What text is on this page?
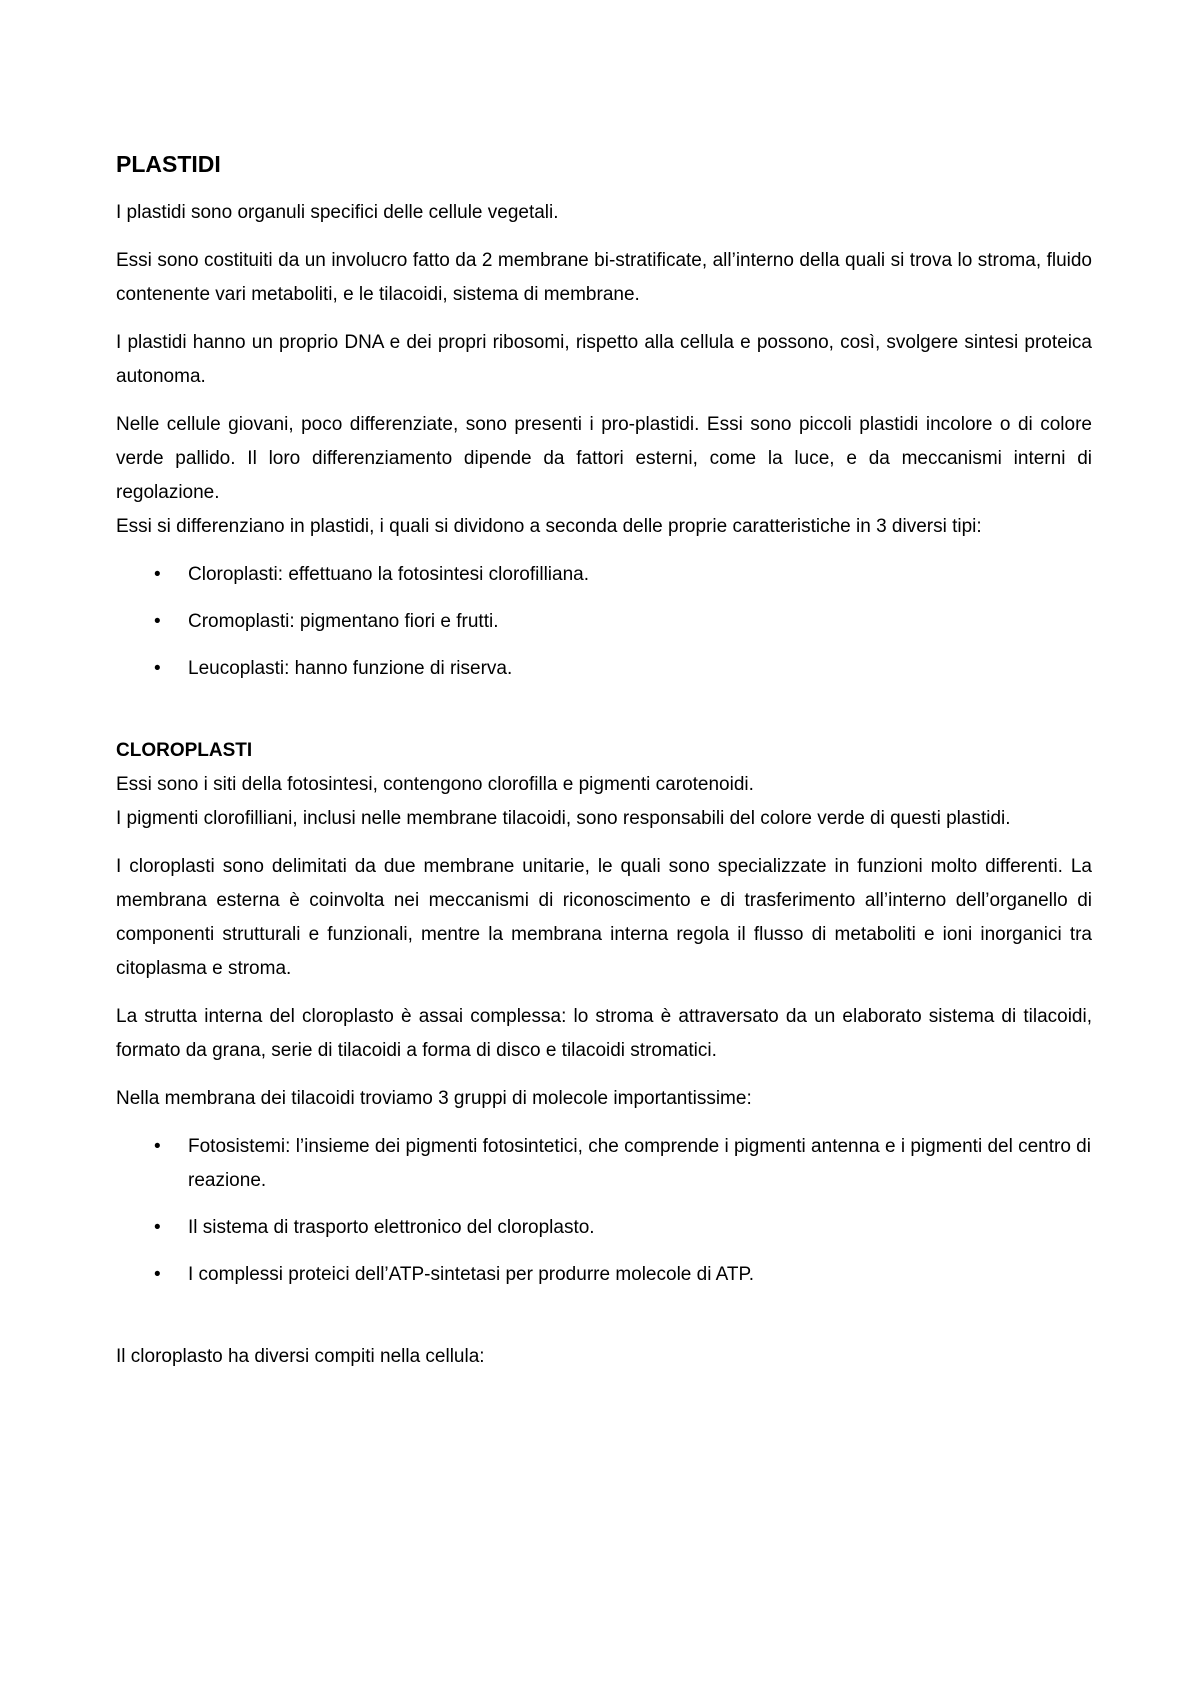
PLASTIDI

I plastidi sono organuli specifici delle cellule vegetali.

Essi sono costituiti da un involucro fatto da 2 membrane bi-stratificate, all’interno della quali si trova lo stroma, fluido contenente vari metaboliti, e le tilacoidi, sistema di membrane.

I plastidi hanno un proprio DNA e dei propri ribosomi, rispetto alla cellula e possono, così, svolgere sintesi proteica autonoma.

Nelle cellule giovani, poco differenziate, sono presenti i pro-plastidi. Essi sono piccoli plastidi incolore o di colore verde pallido. Il loro differenziamento dipende da fattori esterni, come la luce, e da meccanismi interni di regolazione.

Essi si differenziano in plastidi, i quali si dividono a seconda delle proprie caratteristiche in 3 diversi tipi:

• Cloroplasti: effettuano la fotosintesi clorofilliana.
• Cromoplasti: pigmentano fiori e frutti.
• Leucoplasti: hanno funzione di riserva.
CLOROPLASTI

Essi sono i siti della fotosintesi, contengono clorofilla e pigmenti carotenoidi.

I pigmenti clorofilliani, inclusi nelle membrane tilacoidi, sono responsabili del colore verde di questi plastidi.

I cloroplasti sono delimitati da due membrane unitarie, le quali sono specializzate in funzioni molto differenti. La membrana esterna è coinvolta nei meccanismi di riconoscimento e di trasferimento all’interno dell’organello di componenti strutturali e funzionali, mentre la membrana interna regola il flusso di metaboliti e ioni inorganici tra citoplasma e stroma.

La strutta interna del cloroplasto è assai complessa: lo stroma è attraversato da un elaborato sistema di tilacoidi, formato da grana, serie di tilacoidi a forma di disco e tilacoidi stromatici.

Nella membrana dei tilacoidi troviamo 3 gruppi di molecole importantissime:

• Fotosistemi: l’insieme dei pigmenti fotosintetici, che comprende i pigmenti antenna e i pigmenti del centro di reazione.
• Il sistema di trasporto elettronico del cloroplasto.
• I complessi proteici dell’ATP-sintetasi per produrre molecole di ATP.

Il cloroplasto ha diversi compiti nella cellula:
